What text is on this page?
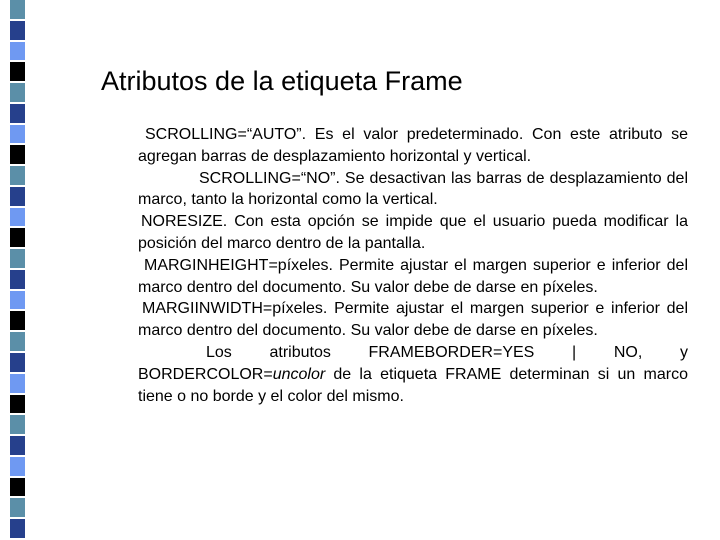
Atributos de la etiqueta Frame

SCROLLING=“AUTO”. Es el valor predeterminado. Con este atributo se agregan barras de desplazamiento horizontal y vertical.

SCROLLING=“NO”. Se desactivan las barras de desplazamiento del marco, tanto la horizontal como la vertical.

NORESIZE. Con esta opción se impide que el usuario pueda modificar la posición del marco dentro de la pantalla.

MARGINHEIGHT=píxeles. Permite ajustar el margen superior e inferior del marco dentro del documento. Su valor debe de darse en píxeles.

MARGIINWIDTH=píxeles. Permite ajustar el margen superior e inferior del marco dentro del documento. Su valor debe de darse en píxeles.

Los atributos FRAMEBORDER=YES | NO, y BORDERCOLOR=uncolor de la etiqueta FRAME determinan si un marco tiene o no borde y el color del mismo.
